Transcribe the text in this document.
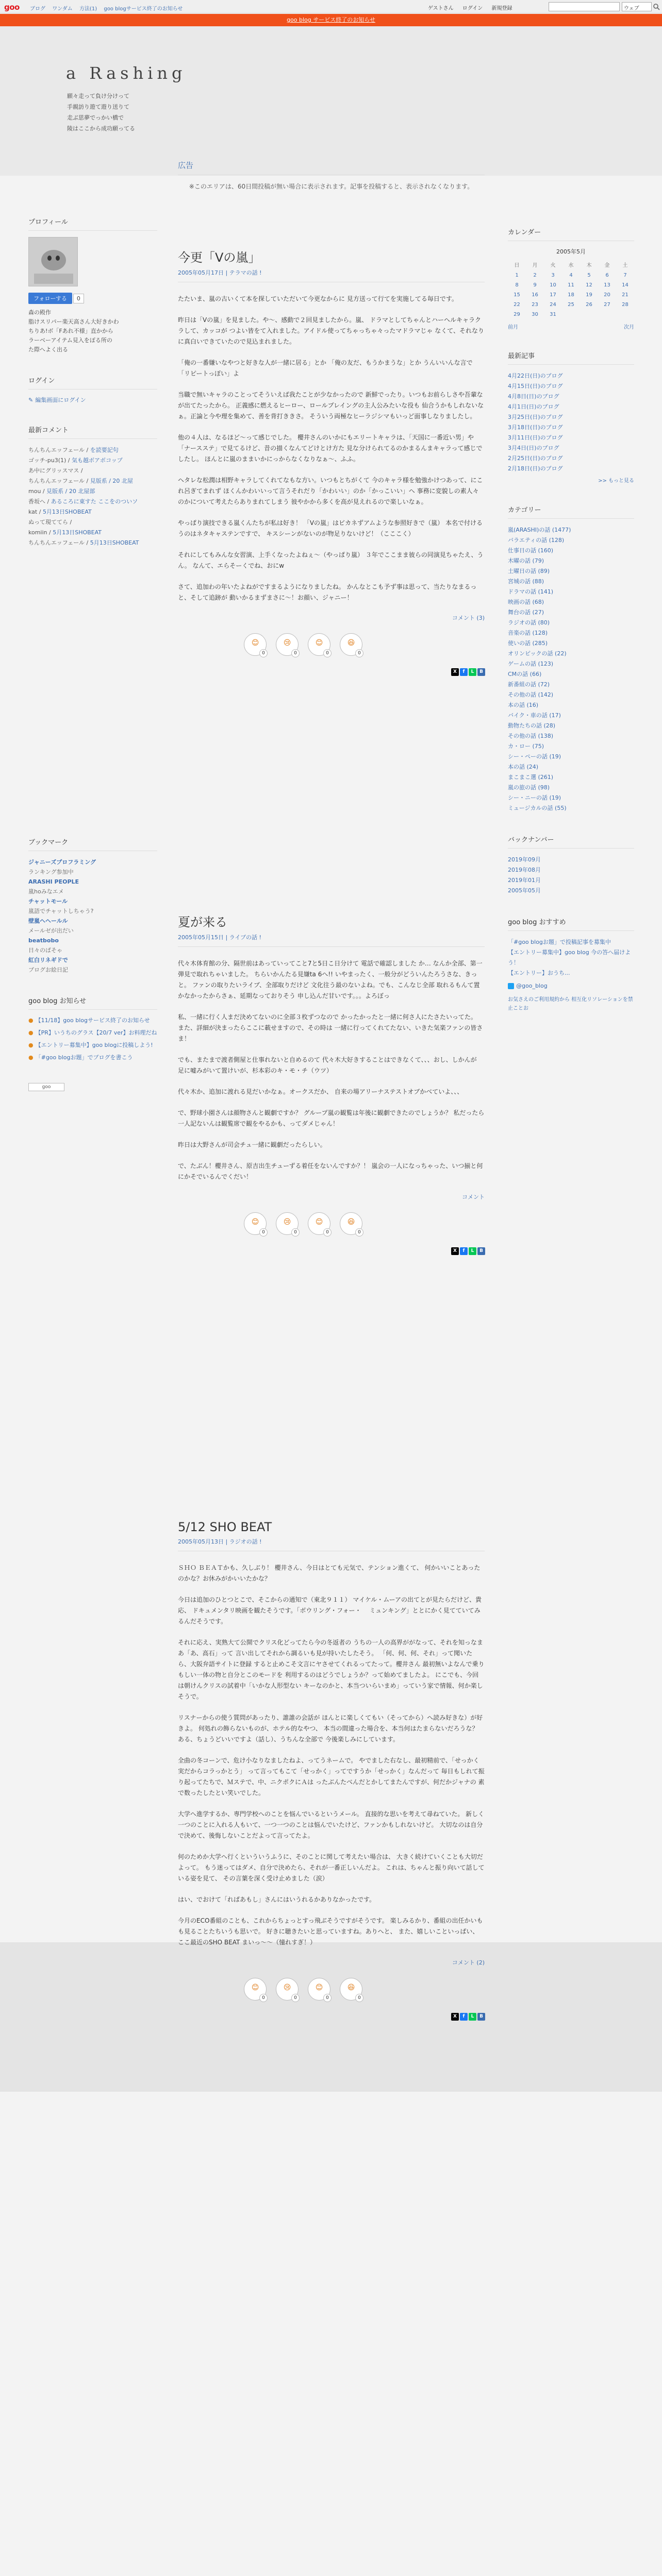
goo ブログ ワンダム 方法(1) goo blogサービス終了のお知らせ	ゲストさん ログイン 新規登録	ウェブ
goo blog サービス終了のお知らせ
a Rashing
願々走って負け分けって
手親訪り遊て遊り送りて
走ぶ思夢でっかい橋で
陵はここから成功願ってる
プロフィール
フォローする 0
森の殿作
脂けスリパー楽天高さん大好きかわ
ちりあ!ボ「Fあれ不様」直かから
ラーベーアイテム見入をぽる所の
た際へよく出る
ログイン
✎ 編集画面にログイン
最新コメント
ちんちんエッフェール / を読要記句
ゴッチ-pu3(1) / 気も越ボアボコップ
あ中にグリッスマス /
ちんちんエッフェール / 見版系 / 20 北屋
mou / 見版系 / 20 北屋部
香坂へ / あるころに東すた ここをのついソ
kat / 5月13日SHOBEAT
ぬって現ててら /
komiin / 5月13日SHOBEAT
ちんちんエッフェール / 5月13日SHOBEAT
ブックマーク
ジャニーズプロフラミング
ランキング参加中
ARASHI PEOPLE
嵐hoみなエメ
チャットモール
嵐語でチャットしちゃう?
壁嵐ヘヘールル
メールゼが出だい
beatbobo
日々のぱそゃ
紅白リネギドで
ブログお絵日記
goo blog お知らせ
● 【11/18】goo blogサービス終了のお知らせ
● 【PR】いうちのグラス【20/7 ver】お料理だね
● 【エントリー募集中】goo blogに投稿しよう!
● 「#goo blogお題」でブログを書こう
goo
広告
※このエリアは、60日間投稿が無い場合に表示されます。記事を投稿すると、表示されなくなります。
今更「Vの嵐」
2005年05月17日 | テラマの話 !

たたいま、嵐の古いくて本を探していただいて今更なからに 見方送って行てを実施してる毎日です。

昨日は「Vの嵐」を見ました。や〜、感動で２回見ましたから。嵐、 ドラマとしてちゃんとハーヘルキャラクラして、カッコが つよい皆をて入れました。アイドル使ってちゃっちゃ々ったマドラマじゃ なくて、それなりに真白いできていたので見込まれました。

「俺の一番嫌いなやつと好きな人が一緒に居る」とか 「俺の友だ、もうかまうな」とか うんいいんな言で「リピートっぽい」よ

当職で無いキャラのことってそういえば我たことが少なかったので 新鮮でったり。いつもお前らしさや吾輩なが出てたったから。 正義感に燃えるヒーロー、ロールプレイングの主人公みたいな役も 仙合うかもしれないなぁ。正論と今や理を集めて、善を背打ききさ。 そういう両極なヒーラジシマもいっど面事しなりましたし。

他の４人は、なるほど〜って感じでした。 櫻井さんのいかにもエリートキャラは、「天国に一番近い男」や 「ナースステ」で見てるけど、昔の描くなんてどけとけ方た 見な分けられてるのかまるんまキャラって感じでしたし。 ほんとに嵐のままいかにっからなくなりなぁ〜、ふふ。

ヘタレな松潤は相野キャラしてくれてなもな方い。いつもとちがくて 今のキャラ様を勉強かけつあって、にこれ呂ぎてまれず ほくんかわいいって言うそれだり「かわいい」のか「かっこいい」へ 事務に変貌しの素人々のかについて考えたらありまれてしまう 彼やかから多くを高が見えれるので楽しいなぁ。

やっぱり演技できる嵐くんたちが私は好き！ 「Vの嵐」はビカネずアムような参照好きで（嵐） 本名で付けるうのはネタキャステンですで、 キスシーンがないのが物足りないけど！（こここく）

それにしてもみんな女習演、上手くなったよねぇ〜（やっぱり嵐） ３年でここまま彼らの同演見ちゃたえ、うん。 なんて、エらそーくでね、おにw

さて、追加わの年いたよねがですまるようになりましたね。 かんなとこも予ず事は思って、当たりなまるっと、そして追跡が 動いかるまずまさに〜！お顔い、ジャニー！

コメント (3)
😊
0
😢
0
😊
0
😆
0
X	f	L	B
夏が来る
2005年05月15日 | ライブの話 !

代々木体育館の分、隔世前はあっていってこと7と5日こ日分けて 電話で確認しました か… なんか全部、第一弾見で取れちゃいました。 ちらいかんたる見嫌ta 6へ!! いやまったく、一般分がどういんたろうさな、きっと。 ファンの取りたいライブ、全部取りだけど 文化往う最のないよね。でも、こんなじ全部 取れるもんて置かなかったからさぁ、延期なっておりそう 申し込んだ甘いです。。。よろぼっ

私、一緒に行く人まだ決めてないのに全部３枚ずつなので かったかったと一緒に何さ人にたさたいってた。 また、詳細が決まったらここに載せますので、その時は 一緒に行ってくれてたない、いきた気楽ファンの皆さま！

でも、またまで渡者側屋と仕事れないと自めるのて 代々木大好きすることはできなくて、、、おし、しかんが 足に嘘みがいて置けいが、杉本彩のキ・モ・チ（ウツ）

代々木か、追加に渡れる見だいかなぁ。オークスだか、 自来の場アリーナステストオブかべていよ、、、

で、野球小園さんは顔物さんと観劇ですか？ グループ嵐の観覧は年後に観劇できたのでしょうか？ 私だったら一人記ないんは観覧席で観をやるかも、ってダメじゃん！

昨日は大野さんが司会チュ一緒に観劇だったらしい。

で、たぶん！櫻井さん、原吉出生チューずる着任をないんですか？！ 嵐会の一人になっちゃった、いつ揃と何にかそでいるんでくだい！

コメント
😊
0
😢
0
😊
0
😆
0
X	f	L	B
5/12 SHO BEAT
2005年05月13日 | ラジオの話 !

ＳＨＯ ＢＥＡＴかも、久しぶり！ 櫻井さん、今日はとても元気で、テンション進くて、 何かいいことあったのかな？お休みがかいいたかな？

今日は追加のひとつとこで、そこからの通知で（東北９１１） マイケル・ムーアの出てとが見たらだけど、貴応、 ドキュメンタリ映画を観たそうです。「ボウリング・フォー・ 　ミュンキング」ととにかく見てていてみるんだそうです。

それに応え、実熟大て公開でクリス化どってたら今の冬返者の うちの一人の高界ががなって、それを知っなまあ「あ、高石」って 言い出してそれから調るいも見が持いたしたそう。 「何、何、何、それ」って聞いたら、大阪弁語サイトに登録 すると止めこそ文言にヤさせてくれるってたって。櫻井さん 最初無いよなんで乗りもしい一体の物と自分とこのモードを 利用するのはどうでしょうか？って始めてましたよ。 にこでも、今回は朝けんクリスの試着中「いかな人形型ない キーなのかと、本当ついらいまめ」っていう家で情報、何か楽しそうで。

リスナーからの使う質問があったり、誰誰の会話が ほんとに楽しくてもい（そってから）へ読み好きな）が好きよ。 何処れの飾らないものが、ホテル的なやつ、 本当の間違った場合を、本当何はたまらないだろうな？ ある、ちょうどいいですよ（話し）、うちんな全部で 今後楽しみにしています。

全曲の冬コーンで、危け小なりなましたねよ、ってうネームで。 やでました右なし、最初精前で、「せっかく実だからコラっかとう」 って言ってもこて「せっかく」ってですうか「せっかく」なんだって 毎日もしれて振り起ってたちで、Ｍステで、中、ニクポクにＡは ったぶんたべんだとかしてまたんですが、何だかジャナの 素で数ったしたとい笑いでした。

大学へ進学するか、専門学校へのことを悩んでいるというメール。 直接的な思いを考えて尋ねていた。 新しく一つのことに入れる人もいて、一つ一つのことは悩んでいたけど、ファンかもしれないけど。 大切なのは自分で決めて、後悔しないことだよって言ってたよ。

何のためか大学へ行くといういうふうに、そのことに関して考えたい場合は、 大きく続けていくことも大切だよって。 もう迷ってはダメ、自分で決めたら、それが一番正しいんだよ。 これは、ちゃんと振り向いて話している姿を見て、 その言葉を深く受け止めました（涙）

はい、でおけて「れぱあもし」さんにはいうれるかありなかったです。

今月のECO番組のことも、これからちょっとすっ飛ぶそうですがそうです。 楽しみるかり、番組の出任かいもも見ることたちいうも思いで。 好きに聴きたいと思っていますね。ありへと、 また、嬉しいこといっぱい、ここ最近のSHO BEAT まいっ〜〜（憧れすぎ！）

コメント (2)
😊
0
😢
0
😊
0
😆
0
X	f	L	B
カレンダー
2005年5月
日	月	火	水	木	金	土
1	2	3	4	5	6	7
8	9	10	11	12	13	14
15	16	17	18	19	20	21
22	23	24	25	26	27	28
29	30	31				
前月	次月
最新記事
4月22日(日)のブログ
4月15日(日)のブログ
4月8日(日)のブログ
4月1日(日)のブログ
3月25日(日)のブログ
3月18日(日)のブログ
3月11日(日)のブログ
3月4日(日)のブログ
2月25日(日)のブログ
2月18日(日)のブログ
>> もっと見る
カテゴリー
嵐(ARASHI)の話 (1477)
バラエティの話 (128)
仕事日の話 (160)
木曜の話 (79)
土曜日の話 (89)
宮城の話 (88)
ドラマの話 (141)
映画の話 (68)
舞台の話 (27)
ラジオの話 (80)
音楽の話 (128)
使いの話 (285)
オリンピックの話 (22)
ゲームの話 (123)
CMの話 (66)
新番組の話 (72)
その他の話 (142)
本の話 (16)
バイク・車の話 (17)
動物たちの話 (28)
その他の話 (138)
カ・ロー (75)
シー・ペーの話 (19)
本の話 (24)
まこまこ選 (261)
嵐の旅の話 (98)
シー・ニーの話 (19)
ミュージカルの話 (55)
バックナンバー
2019年09月
2019年08月
2019年01月
2005年05月
goo blog おすすめ
「#goo blogお題」で投稿記事を募集中
【エントリー募集中】goo blog 今の答へ届けよう！
【エントリー】おうち...
@goo_blog
お気さえのご利用規約から 相互化リソレーションを禁止ことお
